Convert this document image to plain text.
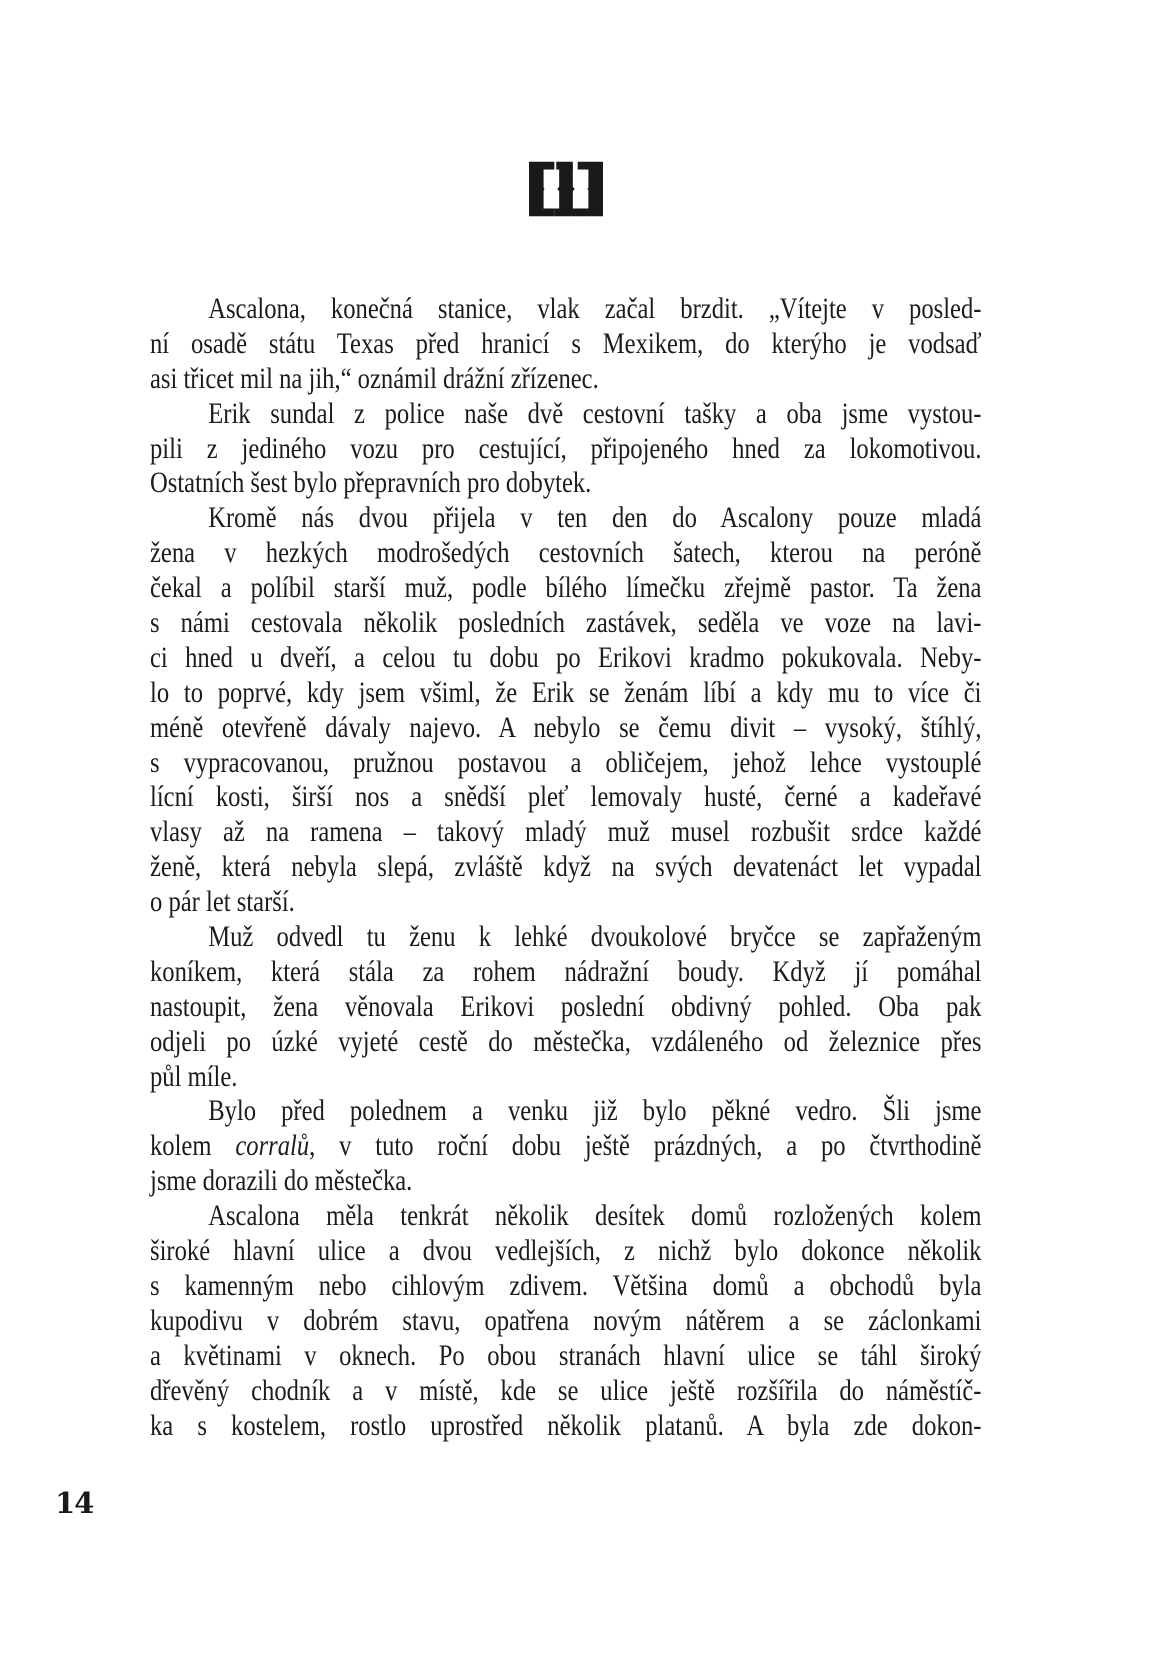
Ascalona, konečná stanice, vlak začal brzdit. „Vítejte v posled-
ní osadě státu Texas před hranicí s Mexikem, do kterýho je vodsaď
asi třicet mil na jih,“ oznámil drážní zřízenec.
Erik sundal z police naše dvě cestovní tašky a oba jsme vystou-
pili z jediného vozu pro cestující, připojeného hned za lokomotivou.
Ostatních šest bylo přepravních pro dobytek.
Kromě nás dvou přijela v ten den do Ascalony pouze mladá
žena v hezkých modrošedých cestovních šatech, kterou na peróně
čekal a políbil starší muž, podle bílého límečku zřejmě pastor. Ta žena
s námi cestovala několik posledních zastávek, seděla ve voze na lavi-
ci hned u dveří, a celou tu dobu po Erikovi kradmo pokukovala. Neby-
lo to poprvé, kdy jsem všiml, že Erik se ženám líbí a kdy mu to více či
méně otevřeně dávaly najevo. A nebylo se čemu divit – vysoký, štíhlý,
s vypracovanou, pružnou postavou a obličejem, jehož lehce vystouplé
lícní kosti, širší nos a snědší pleť lemovaly husté, černé a kadeřavé
vlasy až na ramena – takový mladý muž musel rozbušit srdce každé
ženě, která nebyla slepá, zvláště když na svých devatenáct let vypadal
o pár let starší.
Muž odvedl tu ženu k lehké dvoukolové bryčce se zapřaženým
koníkem, která stála za rohem nádražní boudy. Když jí pomáhal
nastoupit, žena věnovala Erikovi poslední obdivný pohled. Oba pak
odjeli po úzké vyjeté cestě do městečka, vzdáleného od železnice přes
půl míle.
Bylo před polednem a venku již bylo pěkné vedro. Šli jsme
kolem corralů, v tuto roční dobu ještě prázdných, a po čtvrthodině
jsme dorazili do městečka.
Ascalona měla tenkrát několik desítek domů rozložených kolem
široké hlavní ulice a dvou vedlejších, z nichž bylo dokonce několik
s kamenným nebo cihlovým zdivem. Většina domů a obchodů byla
kupodivu v dobrém stavu, opatřena novým nátěrem a se záclonkami
a květinami v oknech. Po obou stranách hlavní ulice se táhl široký
dřevěný chodník a v místě, kde se ulice ještě rozšířila do náměstíč-
ka s kostelem, rostlo uprostřed několik platanů. A byla zde dokon-
14
